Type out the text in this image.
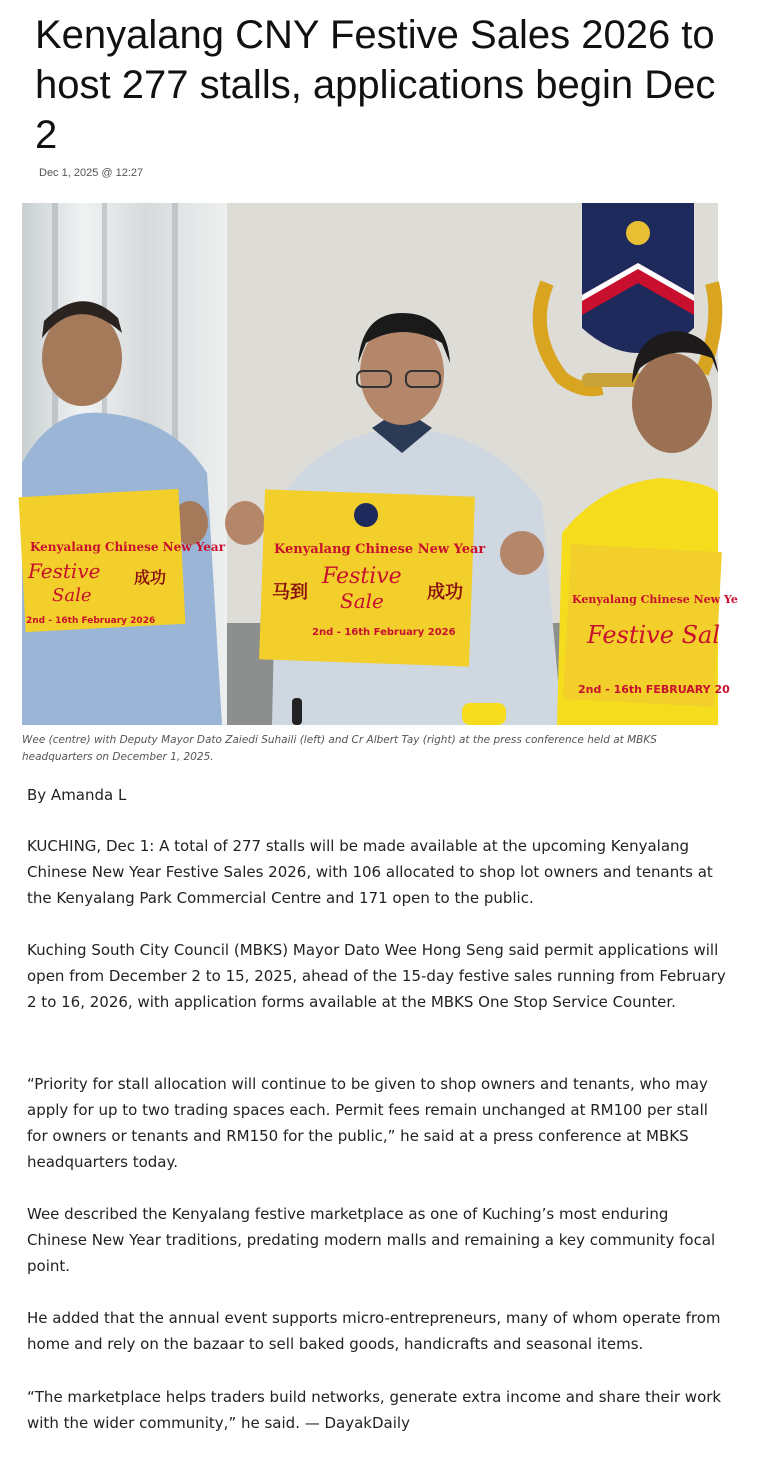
Kenyalang CNY Festive Sales 2026 to host 277 stalls, applications begin Dec 2
Dec 1, 2025 @ 12:27
Kenyalang Chinese New Year
Festive
Sale
2nd - 16th February 2026
成功
Kenyalang Chinese New Year
Festive
Sale
2nd - 16th February 2026
马到	成功	Kenyalang Chinese New Ye
Festive Sal
2nd - 16th FEBRUARY 20
Wee (centre) with Deputy Mayor Dato Zaiedi Suhaili (left) and Cr Albert Tay (right) at the press conference held at MBKS headquarters on December 1, 2025.
By Amanda L

KUCHING, Dec 1: A total of 277 stalls will be made available at the upcoming Kenyalang Chinese New Year Festive Sales 2026, with 106 allocated to shop lot owners and tenants at the Kenyalang Park Commercial Centre and 171 open to the public.

Kuching South City Council (MBKS) Mayor Dato Wee Hong Seng said permit applications will open from December 2 to 15, 2025, ahead of the 15-day festive sales running from February 2 to 16, 2026, with application forms available at the MBKS One Stop Service Counter.

“Priority for stall allocation will continue to be given to shop owners and tenants, who may apply for up to two trading spaces each. Permit fees remain unchanged at RM100 per stall for owners or tenants and RM150 for the public,” he said at a press conference at MBKS headquarters today.

Wee described the Kenyalang festive marketplace as one of Kuching’s most enduring Chinese New Year traditions, predating modern malls and remaining a key community focal point.

He added that the annual event supports micro-entrepreneurs, many of whom operate from home and rely on the bazaar to sell baked goods, handicrafts and seasonal items.

“The marketplace helps traders build networks, generate extra income and share their work with the wider community,” he said. — DayakDaily
